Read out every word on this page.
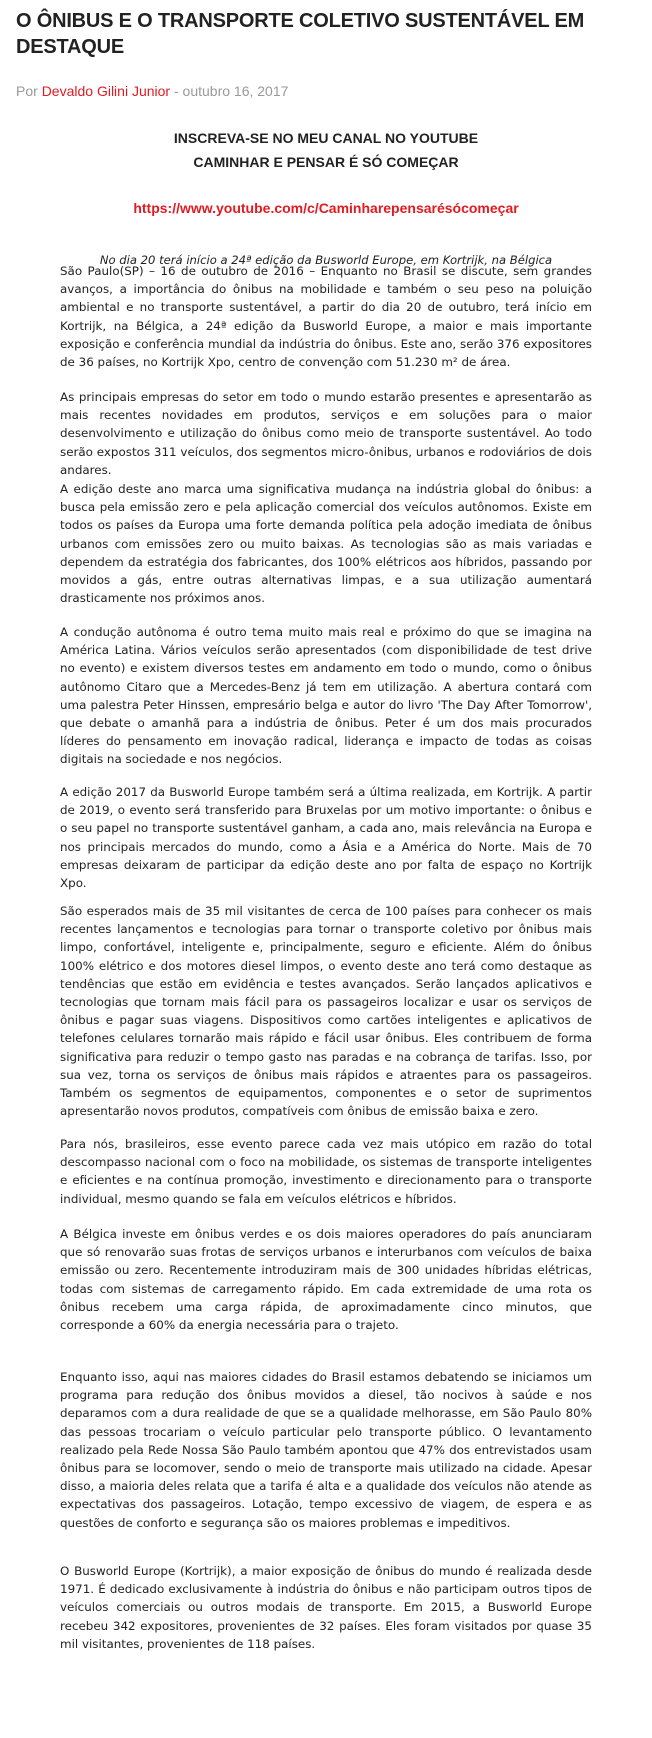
O ÔNIBUS E O TRANSPORTE COLETIVO SUSTENTÁVEL EM DESTAQUE
Por Devaldo Gilini Junior - outubro 16, 2017
INSCREVA-SE NO MEU CANAL NO YOUTUBE
CAMINHAR E PENSAR É SÓ COMEÇAR
https://www.youtube.com/c/Caminharepensarésócomeçar
No dia 20 terá início a 24ª edição da Busworld Europe, em Kortrijk, na Bélgica

São Paulo(SP) – 16 de outubro de 2016 – Enquanto no Brasil se discute, sem grandes avanços, a importância do ônibus na mobilidade e também o seu peso na poluição ambiental e no transporte sustentável, a partir do dia 20 de outubro, terá início em Kortrijk, na Bélgica, a 24ª edição da Busworld Europe, a maior e mais importante exposição e conferência mundial da indústria do ônibus. Este ano, serão 376 expositores de 36 países, no Kortrijk Xpo, centro de convenção com 51.230 m² de área.

As principais empresas do setor em todo o mundo estarão presentes e apresentarão as mais recentes novidades em produtos, serviços e em soluções para o maior desenvolvimento e utilização do ônibus como meio de transporte sustentável. Ao todo serão expostos 311 veículos, dos segmentos micro-ônibus, urbanos e rodoviários de dois andares.

A edição deste ano marca uma significativa mudança na indústria global do ônibus: a busca pela emissão zero e pela aplicação comercial dos veículos autônomos. Existe em todos os países da Europa uma forte demanda política pela adoção imediata de ônibus urbanos com emissões zero ou muito baixas. As tecnologias são as mais variadas e dependem da estratégia dos fabricantes, dos 100% elétricos aos híbridos, passando por movidos a gás, entre outras alternativas limpas, e a sua utilização aumentará drasticamente nos próximos anos.

A condução autônoma é outro tema muito mais real e próximo do que se imagina na América Latina. Vários veículos serão apresentados (com disponibilidade de test drive no evento) e existem diversos testes em andamento em todo o mundo, como o ônibus autônomo Citaro que a Mercedes-Benz já tem em utilização. A abertura contará com uma palestra Peter Hinssen, empresário belga e autor do livro 'The Day After Tomorrow', que debate o amanhã para a indústria de ônibus. Peter é um dos mais procurados líderes do pensamento em inovação radical, liderança e impacto de todas as coisas digitais na sociedade e nos negócios.

A edição 2017 da Busworld Europe também será a última realizada, em Kortrijk. A partir de 2019, o evento será transferido para Bruxelas por um motivo importante: o ônibus e o seu papel no transporte sustentável ganham, a cada ano, mais relevância na Europa e nos principais mercados do mundo, como a Ásia e a América do Norte. Mais de 70 empresas deixaram de participar da edição deste ano por falta de espaço no Kortrijk Xpo.

São esperados mais de 35 mil visitantes de cerca de 100 países para conhecer os mais recentes lançamentos e tecnologias para tornar o transporte coletivo por ônibus mais limpo, confortável, inteligente e, principalmente, seguro e eficiente. Além do ônibus 100% elétrico e dos motores diesel limpos, o evento deste ano terá como destaque as tendências que estão em evidência e testes avançados. Serão lançados aplicativos e tecnologias que tornam mais fácil para os passageiros localizar e usar os serviços de ônibus e pagar suas viagens. Dispositivos como cartões inteligentes e aplicativos de telefones celulares tornarão mais rápido e fácil usar ônibus. Eles contribuem de forma significativa para reduzir o tempo gasto nas paradas e na cobrança de tarifas. Isso, por sua vez, torna os serviços de ônibus mais rápidos e atraentes para os passageiros. Também os segmentos de equipamentos, componentes e o setor de suprimentos apresentarão novos produtos, compatíveis com ônibus de emissão baixa e zero.

Para nós, brasileiros, esse evento parece cada vez mais utópico em razão do total descompasso nacional com o foco na mobilidade, os sistemas de transporte inteligentes e eficientes e na contínua promoção, investimento e direcionamento para o transporte individual, mesmo quando se fala em veículos elétricos e híbridos.

A Bélgica investe em ônibus verdes e os dois maiores operadores do país anunciaram que só renovarão suas frotas de serviços urbanos e interurbanos com veículos de baixa emissão ou zero. Recentemente introduziram mais de 300 unidades híbridas elétricas, todas com sistemas de carregamento rápido. Em cada extremidade de uma rota os ônibus recebem uma carga rápida, de aproximadamente cinco minutos, que corresponde a 60% da energia necessária para o trajeto.

Enquanto isso, aqui nas maiores cidades do Brasil estamos debatendo se iniciamos um programa para redução dos ônibus movidos a diesel, tão nocivos à saúde e nos deparamos com a dura realidade de que se a qualidade melhorasse, em São Paulo 80% das pessoas trocariam o veículo particular pelo transporte público. O levantamento realizado pela Rede Nossa São Paulo também apontou que 47% dos entrevistados usam ônibus para se locomover, sendo o meio de transporte mais utilizado na cidade. Apesar disso, a maioria deles relata que a tarifa é alta e a qualidade dos veículos não atende as expectativas dos passageiros. Lotação, tempo excessivo de viagem, de espera e as questões de conforto e segurança são os maiores problemas e impeditivos.

O Busworld Europe (Kortrijk), a maior exposição de ônibus do mundo é realizada desde 1971. É dedicado exclusivamente à indústria do ônibus e não participam outros tipos de veículos comerciais ou outros modais de transporte. Em 2015, a Busworld Europe recebeu 342 expositores, provenientes de 32 países. Eles foram visitados por quase 35 mil visitantes, provenientes de 118 países.
